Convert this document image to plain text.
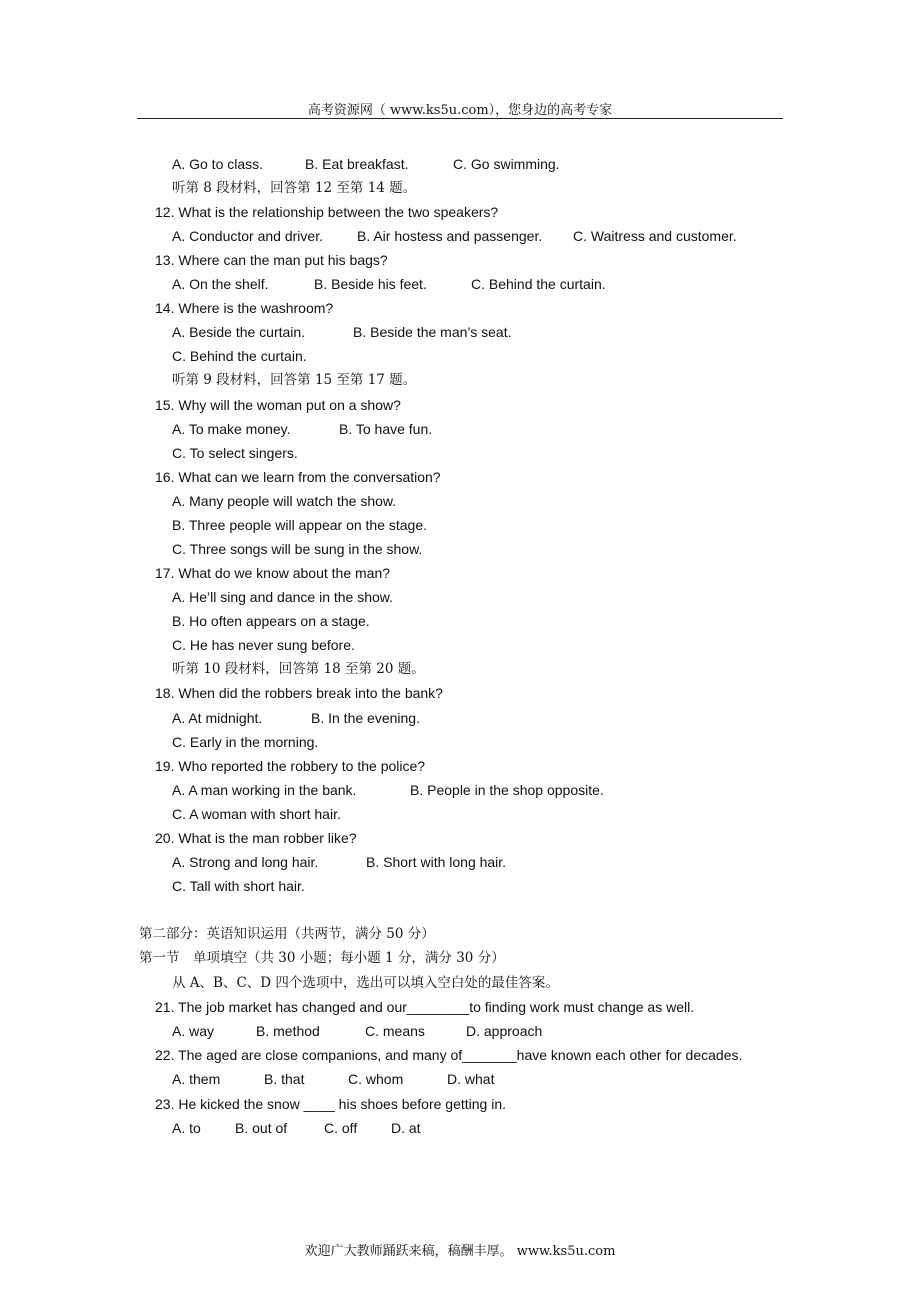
高考资源网（ www.ks5u.com），您身边的高考专家
A. Go to class.	B. Eat breakfast.	C. Go swimming.
听第 8 段材料，回答第 12 至第 14 题。
12. What is the relationship between the two speakers?
A. Conductor and driver. B. Air hostess and passenger. C. Waitress and customer.
13. Where can the man put his bags?
A. On the shelf.	B. Beside his feet.	C. Behind the curtain.
14. Where is the washroom?
A. Beside the curtain.	B. Beside the man’s seat.
C. Behind the curtain.
听第 9 段材料，回答第 15 至第 17 题。
15. Why will the woman put on a show?
A. To make money.	B. To have fun.
C. To select singers.
16. What can we learn from the conversation?
A. Many people will watch the show.
B. Three people will appear on the stage.
C. Three songs will be sung in the show.
17. What do we know about the man?
A. He’ll sing and dance in the show.
B. Ho often appears on a stage.
C. He has never sung before.
听第 10 段材料，回答第 18 至第 20 题。
18. When did the robbers break into the bank?
A. At midnight.	B. In the evening.
C. Early in the morning.
19. Who reported the robbery to the police?
A. A man working in the bank.	B. People in the shop opposite.
C. A woman with short hair.
20. What is the man robber like?
A. Strong and long hair.	B. Short with long hair.
C. Tall with short hair.
第二部分：英语知识运用（共两节，满分 50 分）
第一节　单项填空（共 30 小题；每小题 1 分，满分 30 分）
从 A、B、C、D 四个选项中，选出可以填入空白处的最佳答案。
21. The job market has changed and our________to finding work must change as well.
A. way	B. method	C. means	D. approach
22. The aged are close companions, and many of_______have known each other for decades.
A. them	B. that	C. whom	D. what
23. He kicked the snow ____ his shoes before getting in.
A. to B. out of	C. off D. at
欢迎广大教师踊跃来稿，稿酬丰厚。 www.ks5u.com
